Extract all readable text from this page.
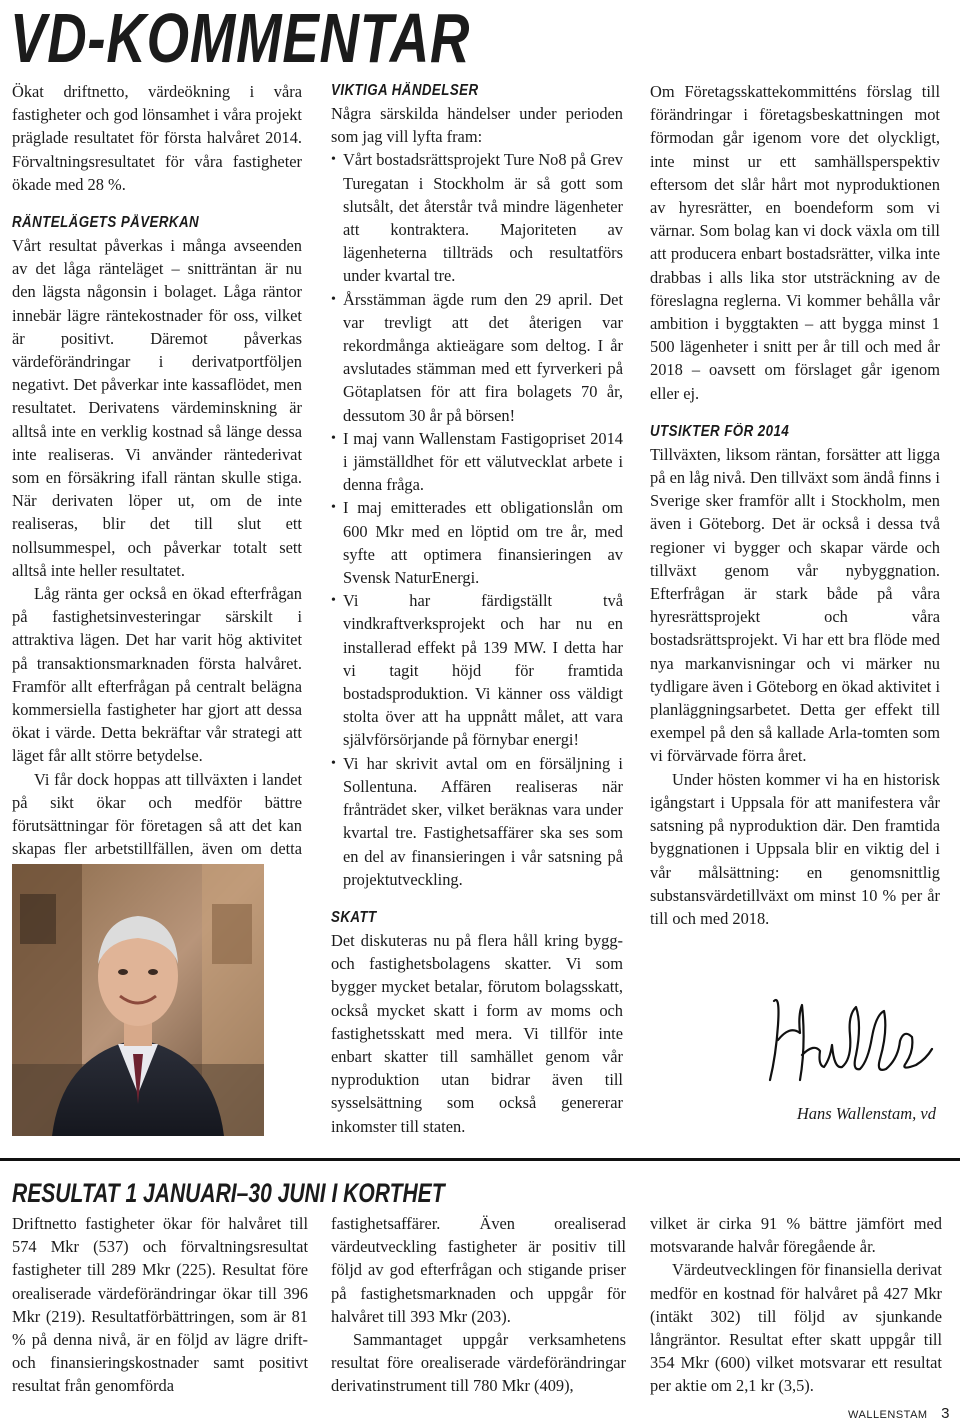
VD-KOMMENTAR

Ökat driftnetto, värdeökning i våra fastigheter och god lönsamhet i våra projekt präglade resultatet för första halvåret 2014. Förvaltningsresultatet för våra fastigheter ökade med 28 %.

RÄNTELÄGETS PÅVERKAN

Vårt resultat påverkas i många avseenden av det låga ränteläget – snitträntan är nu den lägsta någonsin i bolaget. Låga räntor innebär lägre räntekostnader för oss, vilket är positivt. Däremot påverkas värdeförändringar i derivatportföljen negativt. Det påverkar inte kassaflödet, men resultatet. Derivatens värdeminskning är alltså inte en verklig kostnad så länge dessa inte realiseras. Vi använder räntederivat som en försäkring ifall räntan skulle stiga. När derivaten löper ut, om de inte realiseras, blir det till slut ett nollsummespel, och påverkar totalt sett alltså inte heller resultatet.

Låg ränta ger också en ökad efterfrågan på fastighetsinvesteringar särskilt i attraktiva lägen. Det har varit hög aktivitet på transaktionsmarknaden första halvåret. Framför allt efterfrågan på centralt belägna kommersiella fastigheter har gjort att dessa ökat i värde. Detta bekräftar vår strategi att läget får allt större betydelse.

Vi får dock hoppas att tillväxten i landet på sikt ökar och medför bättre förutsättningar för företagen så att det kan skapas fler arbetstillfällen, även om detta

VIKTIGA HÄNDELSER

Några särskilda händelser under perioden som jag vill lyfta fram:

• Vårt bostadsrättsprojekt Ture No8 på Grev Turegatan i Stockholm är så gott som slutsålt, det återstår två mindre lägenheter att kontraktera. Majoriteten av lägenheterna tillträds och resultatförs under kvartal tre.
• Årsstämman ägde rum den 29 april. Det var trevligt att det återigen var rekordmånga aktieägare som deltog. I år avslutades stämman med ett fyrverkeri på Götaplatsen för att fira bolagets 70 år, dessutom 30 år på börsen!
• I maj vann Wallenstam Fastigopriset 2014 i jämställdhet för ett välutvecklat arbete i denna fråga.
• I maj emitterades ett obligationslån om 600 Mkr med en löptid om tre år, med syfte att optimera finansieringen av Svensk NaturEnergi.
• Vi har färdigställt två vindkraftverksprojekt och har nu en installerad effekt på 139 MW. I detta har vi tagit höjd för framtida bostadsproduktion. Vi känner oss väldigt stolta över att ha uppnått målet, att vara självförsörjande på förnybar energi!
• Vi har skrivit avtal om en försäljning i Sollentuna. Affären realiseras när frånträdet sker, vilket beräknas vara under kvartal tre. Fastighetsaffärer ska ses som en del av finansieringen i vår satsning på projektutveckling.
SKATT

Det diskuteras nu på flera håll kring bygg- och fastighetsbolagens skatter. Vi som bygger mycket betalar, förutom bolagsskatt, också mycket skatt i form av moms och fastighetsskatt med mera. Vi tillför inte enbart skatter till samhället genom vår nyproduktion utan bidrar även till sysselsättning som också genererar inkomster till staten.

Om Företagsskattekommitténs förslag till förändringar i företagsbeskattningen mot förmodan går igenom vore det olyckligt, inte minst ur ett samhällsperspektiv eftersom det slår hårt mot nyproduktionen av hyresrätter, en boendeform som vi värnar. Som bolag kan vi dock växla om till att producera enbart bostadsrätter, vilka inte drabbas i alls lika stor utsträckning av de föreslagna reglerna. Vi kommer behålla vår ambition i byggtakten – att bygga minst 1 500 lägenheter i snitt per år till och med år 2018 – oavsett om förslaget går igenom eller ej.

UTSIKTER FÖR 2014

Tillväxten, liksom räntan, forsätter att ligga på en låg nivå. Den tillväxt som ändå finns i Sverige sker framför allt i Stockholm, men även i Göteborg. Det är också i dessa två regioner vi bygger och skapar värde och tillväxt genom vår nybyggnation. Efterfrågan är stark både på våra hyresrättsprojekt och våra bostadsrättsprojekt. Vi har ett bra flöde med nya markanvisningar och vi märker nu tydligare även i Göteborg en ökad aktivitet i planläggningsarbetet. Detta ger effekt till exempel på den så kallade Arla-tomten som vi förvärvade förra året.

Under hösten kommer vi ha en historisk igångstart i Uppsala för att manifestera vår satsning på nyproduktion där. Den framtida byggnationen i Uppsala blir en viktig del i vår målsättning: en genomsnittlig substansvärdetillväxt om minst 10 % per år till och med 2018.

Hans Wallenstam, vd
RESULTAT 1 JANUARI–30 JUNI I KORTHET

Driftnetto fastigheter ökar för halvåret till 574 Mkr (537) och förvaltningsresultat fastigheter till 289 Mkr (225). Resultat före orealiserade värdeförändringar ökar till 396 Mkr (219). Resultatförbättringen, som är 81 % på denna nivå, är en följd av lägre drift- och finansieringskostnader samt positivt resultat från genomförda

fastighetsaffärer. Även orealiserad värdeutveckling fastigheter är positiv till följd av god efterfrågan och stigande priser på fastighetsmarknaden och uppgår för halvåret till 393 Mkr (203).

Sammantaget uppgår verksamhetens resultat före orealiserade värdeförändringar derivatinstrument till 780 Mkr (409),

vilket är cirka 91 % bättre jämfört med motsvarande halvår föregående år.

Värdeutvecklingen för finansiella derivat medför en kostnad för halvåret på 427 Mkr (intäkt 302) till följd av sjunkande långräntor. Resultat efter skatt uppgår till 354 Mkr (600) vilket motsvarar ett resultat per aktie om 2,1 kr (3,5).

WALLENSTAM 3
